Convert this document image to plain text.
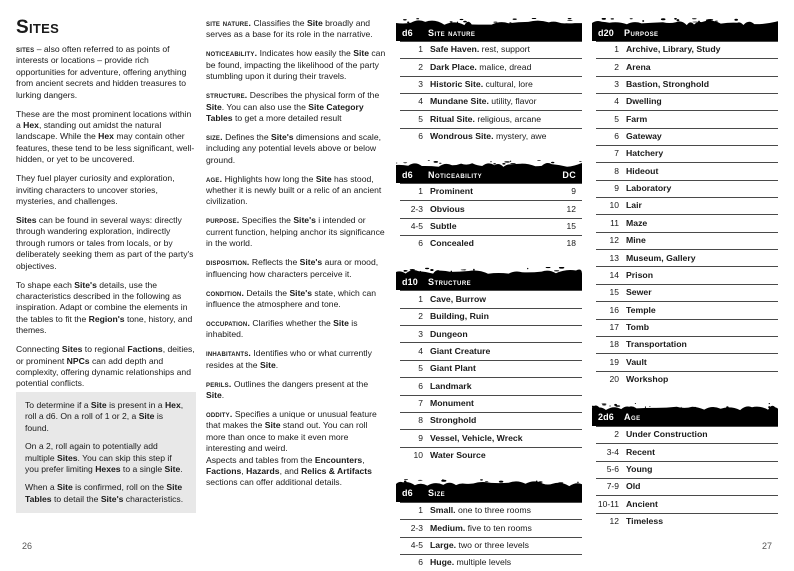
Sites

sites – also often referred to as points of interests or locations – provide rich opportunities for adventure, offering anything from ancient secrets and hidden treasures to lurking dangers.

These are the most prominent locations within a Hex, standing out amidst the natural landscape. While the Hex may contain other features, these tend to be less significant, well-hidden, or yet to be uncovered.

They fuel player curiosity and exploration, inviting characters to uncover stories, mysteries, and challenges.

Sites can be found in several ways: directly through wandering exploration, indirectly through rumors or tales from locals, or by deliberately seeking them as part of the party's objectives.

To shape each Site's details, use the characteristics described in the following as inspiration. Adapt or combine the elements in the tables to fit the Region's tone, history, and themes.

Connecting Sites to regional Factions, deities, or prominent NPCs can add depth and complexity, offering dynamic relationships and potential conflicts.

To determine if a Site is present in a Hex, roll a d6. On a roll of 1 or 2, a Site is found.

On a 2, roll again to potentially add multiple Sites. You can skip this step if you prefer limiting Hexes to a single Site.

When a Site is confirmed, roll on the Site Tables to detail the Site's characteristics.

site nature. Classifies the Site broadly and serves as a base for its role in the narrative.

noticeability. Indicates how easily the Site can be found, impacting the likelihood of the party stumbling upon it during their travels.

structure. Describes the physical form of the Site. You can also use the Site Category Tables to get a more detailed result

size. Defines the Site's dimensions and scale, including any potential levels above or below ground.

age. Highlights how long the Site has stood, whether it is newly built or a relic of an ancient civilization.

purpose. Specifies the Site's i intended or current function, helping anchor its significance in the world.

disposition. Reflects the Site's aura or mood, influencing how characters perceive it.

condition. Details the Site's state, which can influence the atmosphere and tone.

occupation. Clarifies whether the Site is inhabited.

inhabitants. Identifies who or what currently resides at the Site.

perils. Outlines the dangers present at the Site.

oddity. Specifies a unique or unusual feature that makes the Site stand out. You can roll more than once to make it even more interesting and weird.

Aspects and tables from the Encounters, Factions, Hazards, and Relics & Artifacts sections can offer additional details.

d6	site nature
1 Safe Haven. rest, support
2 Dark Place. malice, dread
3 Historic Site. cultural, lore
4 Mundane Site. utility, flavor
5 Ritual Site. religious, arcane
6 Wondrous Site. mystery, awe
d6	noticeability	DC
1 Prominent	9
2-3 Obvious	12
4-5 Subtle	15
6 Concealed	18
d10	structure
1 Cave, Burrow
2 Building, Ruin
3 Dungeon
4 Giant Creature
5 Giant Plant
6 Landmark
7 Monument
8 Stronghold
9 Vessel, Vehicle, Wreck
10 Water Source
d6	size
1 Small. one to three rooms
2-3 Medium. five to ten rooms
4-5 Large. two or three levels
6 Huge. multiple levels
d20	purpose
1 Archive, Library, Study
2 Arena
3 Bastion, Stronghold
4 Dwelling
5 Farm
6 Gateway
7 Hatchery
8 Hideout
9 Laboratory
10 Lair
11 Maze
12 Mine
13 Museum, Gallery
14 Prison
15 Sewer
16 Temple
17 Tomb
18 Transportation
19 Vault
20 Workshop
2d6	age
2 Under Construction
3-4 Recent
5-6 Young
7-9 Old
10-11 Ancient
12 Timeless
26	27
